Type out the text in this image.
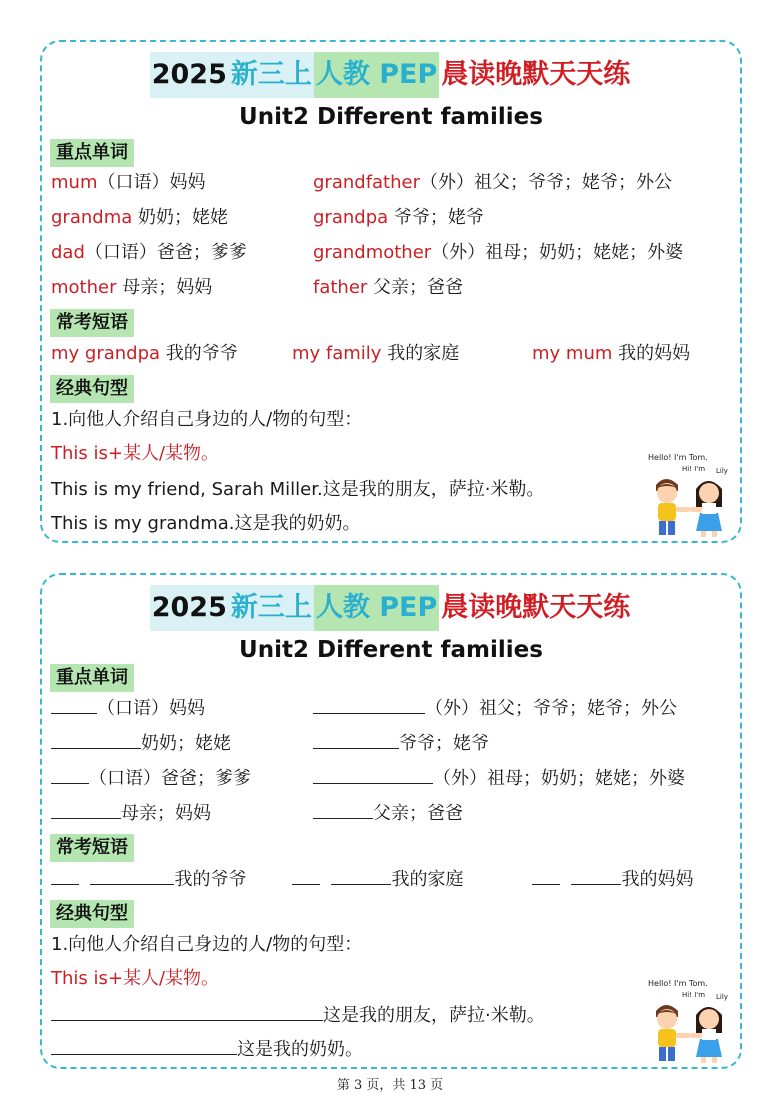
2025新三上 人教 PEP 晨读晚默天天练
Unit2 Different families
重点单词
mum（口语）妈妈	grandfather（外）祖父；爷爷；姥爷；外公
grandma 奶奶；姥姥	grandpa 爷爷；姥爷
dad（口语）爸爸；爹爹	grandmother（外）祖母；奶奶；姥姥；外婆
mother 母亲；妈妈	father 父亲；爸爸
常考短语
my grandpa 我的爷爷	my family 我的家庭	my mum 我的妈妈
经典句型
1.向他人介绍自己身边的人/物的句型：
This is+某人/某物。
This is my friend, Sarah Miller.这是我的朋友，萨拉·米勒。
This is my grandma.这是我的奶奶。
Hello! I'm Tom.
Hi! I'm Lily
2025新三上 人教 PEP 晨读晚默天天练
Unit2 Different families
重点单词
（口语）妈妈	（外）祖父；爷爷；姥爷；外公
奶奶；姥姥	爷爷；姥爷
（口语）爸爸；爹爹	（外）祖母；奶奶；姥姥；外婆
母亲；妈妈	父亲；爸爸
常考短语
我的爷爷	我的家庭	我的妈妈
经典句型
1.向他人介绍自己身边的人/物的句型：
This is+某人/某物。
这是我的朋友，萨拉·米勒。
这是我的奶奶。
Hello! I'm Tom.
Hi! I'm Lily
第 3 页，共 13 页
